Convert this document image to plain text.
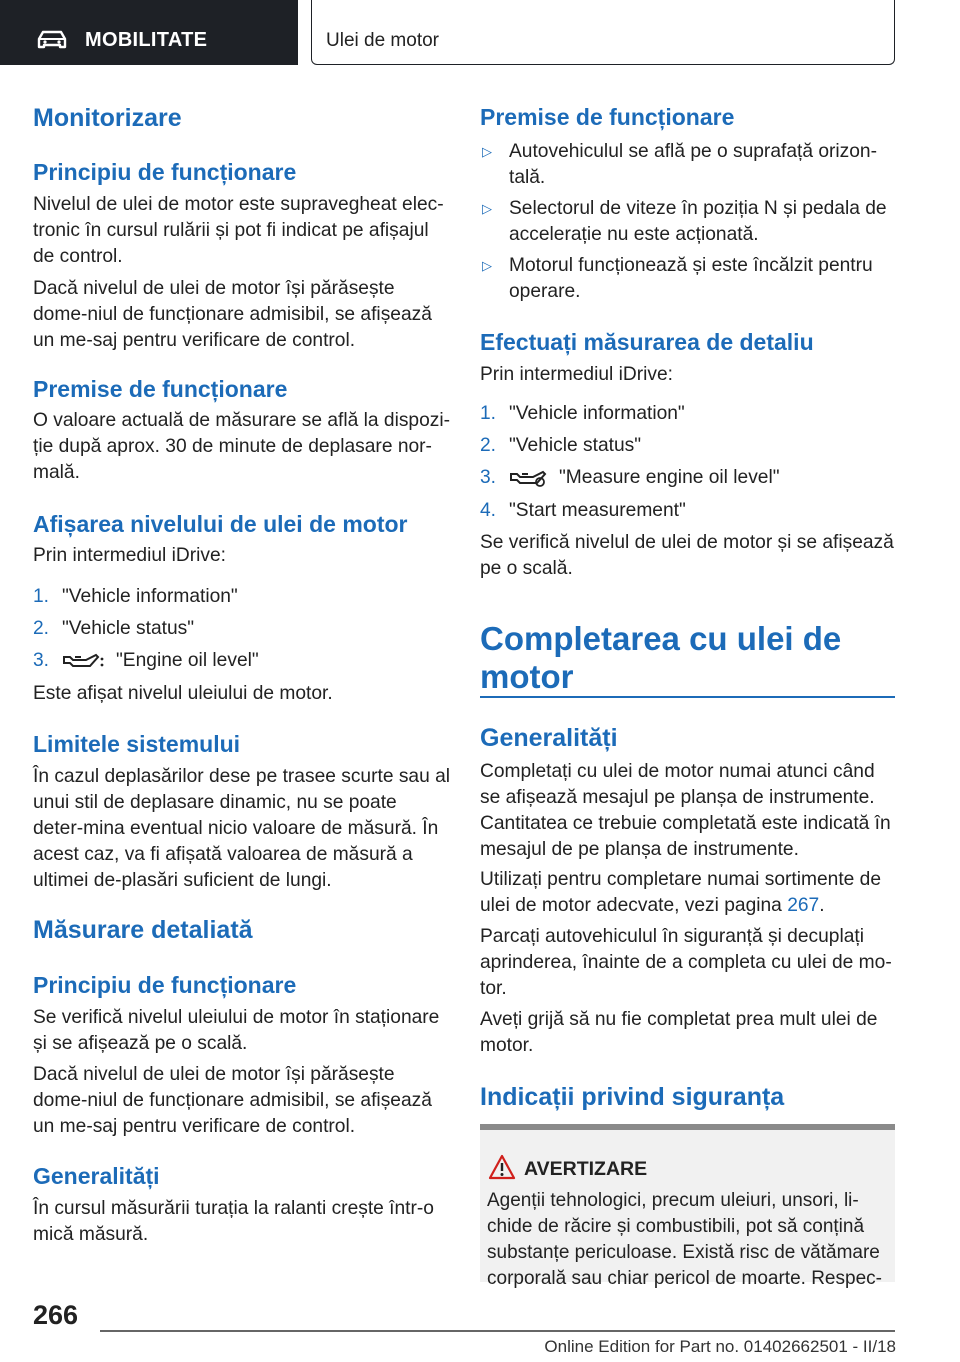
MOBILITATE	Ulei de motor
Monitorizare
Principiu de funcționare
Nivelul de ulei de motor este supravegheat elec-tronic în cursul rulării și pot fi indicat pe afișajul de control.
Dacă nivelul de ulei de motor își părăsește dome-niul de funcționare admisibil, se afișează un me-saj pentru verificare de control.
Premise de funcționare
O valoare actuală de măsurare se află la dispozi-ție după aprox. 30 de minute de deplasare nor-mală.
Afișarea nivelului de ulei de motor
Prin intermediul iDrive:
1. "Vehicle information"
2. "Vehicle status"
3.	"Engine oil level"
Este afișat nivelul uleiului de motor.
Limitele sistemului
În cazul deplasărilor dese pe trasee scurte sau al unui stil de deplasare dinamic, nu se poate deter-mina eventual nicio valoare de măsură. În acest caz, va fi afișată valoarea de măsură a ultimei de-plasări suficient de lungi.
Măsurare detaliată
Principiu de funcționare
Se verifică nivelul uleiului de motor în staționare și se afișează pe o scală.
Dacă nivelul de ulei de motor își părăsește dome-niul de funcționare admisibil, se afișează un me-saj pentru verificare de control.
Generalități
În cursul măsurării turația la ralanti crește într-o mică măsură.
Premise de funcționare
▷ Autovehiculul se află pe o suprafață orizon-tală.
▷ Selectorul de viteze în poziția N și pedala de accelerație nu este acționată.
▷ Motorul funcționează și este încălzit pentru operare.
Efectuați măsurarea de detaliu
Prin intermediul iDrive:
1. "Vehicle information"
2. "Vehicle status"
3.	"Measure engine oil level"
4. "Start measurement"
Se verifică nivelul de ulei de motor și se afișează pe o scală.
Completarea cu ulei de motor
Generalități
Completați cu ulei de motor numai atunci când se afișează mesajul pe planșa de instrumente. Cantitatea ce trebuie completată este indicată în mesajul de pe planșa de instrumente.
Utilizați pentru completare numai sortimente de ulei de motor adecvate, vezi pagina 267.
Parcați autovehiculul în siguranță și decuplați aprinderea, înainte de a completa cu ulei de mo-tor.
Aveți grijă să nu fie completat prea mult ulei de motor.
Indicații privind siguranța
AVERTIZARE
Agenții tehnologici, precum uleiuri, unsori, li-chide de răcire și combustibili, pot să conțină substanțe periculoase. Există risc de vătămare corporală sau chiar pericol de moarte. Respec-
266
Online Edition for Part no. 01402662501 - II/18
